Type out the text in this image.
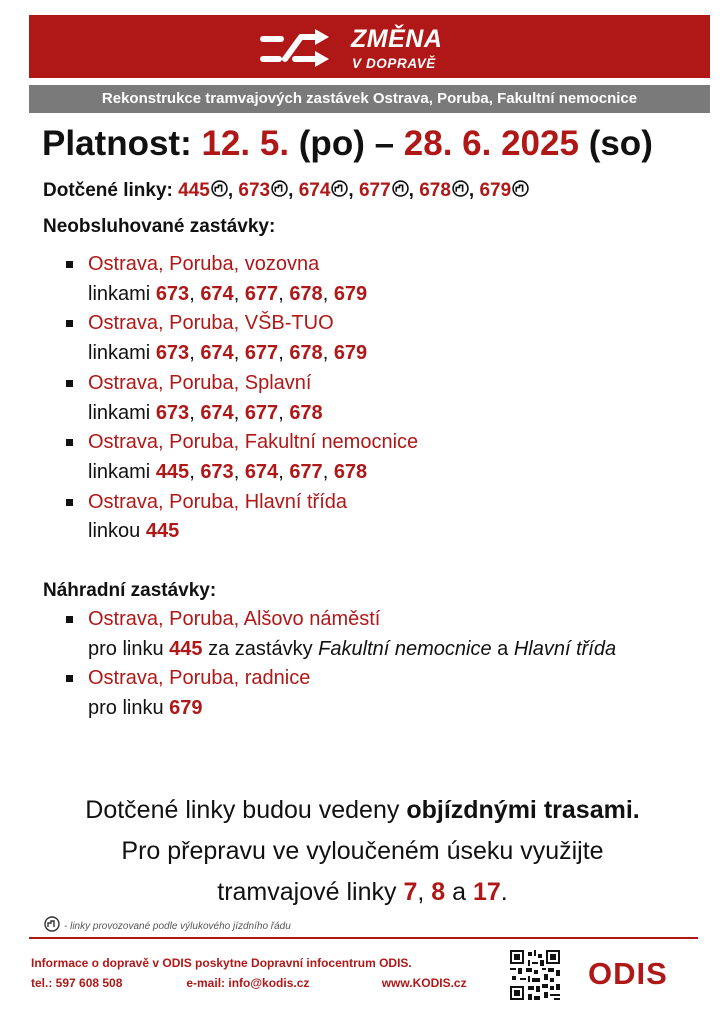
ZMĚNA
V DOPRAVĚ
Rekonstrukce tramvajových zastávek Ostrava, Poruba, Fakultní nemocnice
Platnost: 12. 5. (po) – 28. 6. 2025 (so)
Dotčené linky: 445 , 673 , 674 , 677 , 678 , 679
Neobsluhované zastávky:
Ostrava, Poruba, vozovna
linkami 673, 674, 677, 678, 679
Ostrava, Poruba, VŠB-TUO
linkami 673, 674, 677, 678, 679
Ostrava, Poruba, Splavní
linkami 673, 674, 677, 678
Ostrava, Poruba, Fakultní nemocnice
linkami 445, 673, 674, 677, 678
Ostrava, Poruba, Hlavní třída
linkou 445
Náhradní zastávky:
Ostrava, Poruba, Alšovo náměstí
pro linku 445 za zastávky Fakultní nemocnice a Hlavní třída
Ostrava, Poruba, radnice
pro linku 679
Dotčené linky budou vedeny objízdnými trasami.
Pro přepravu ve vyloučeném úseku využijte
tramvajové linky 7, 8 a 17.
- linky provozované podle výlukového jízdního řádu
Informace o dopravě v ODIS poskytne Dopravní infocentrum ODIS.
tel.: 597 608 508	e-mail: info@kodis.cz	www.KODIS.cz	ODIS
